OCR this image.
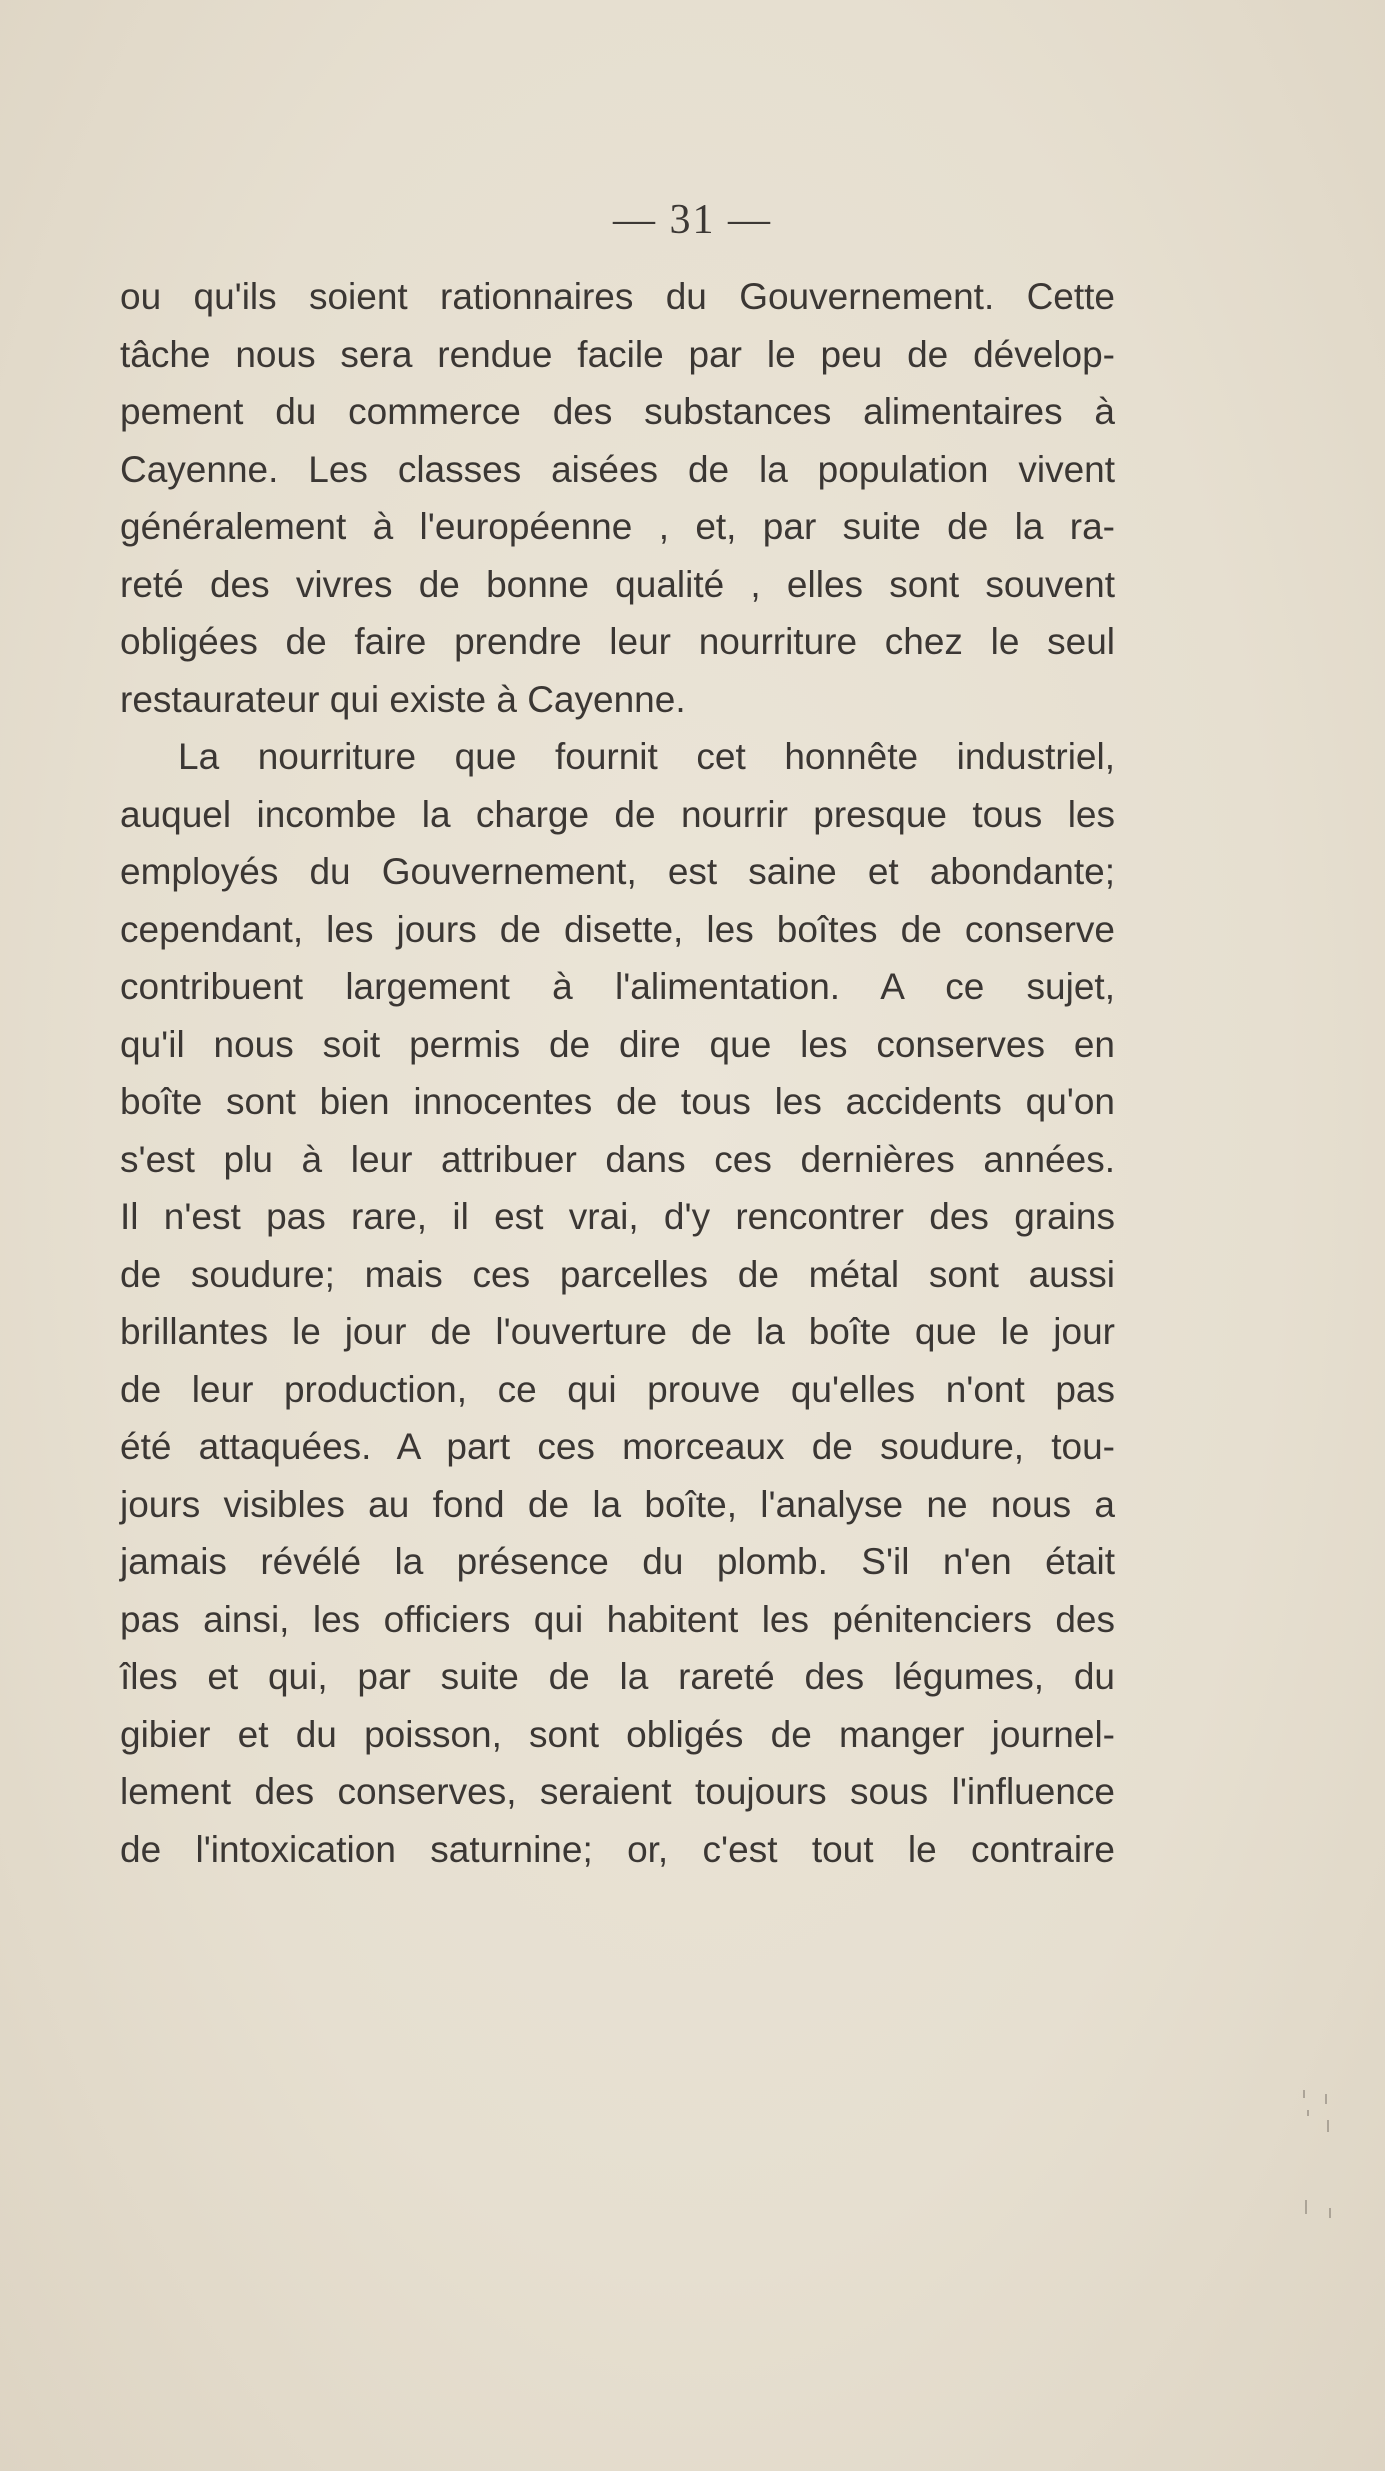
— 31 —
ou qu'ils soient rationnaires du Gouvernement. Cette
tâche nous sera rendue facile par le peu de dévelop-
pement du commerce des substances alimentaires à
Cayenne. Les classes aisées de la population vivent
généralement à l'européenne , et, par suite de la ra-
reté des vivres de bonne qualité , elles sont souvent
obligées de faire prendre leur nourriture chez le seul
restaurateur qui existe à Cayenne.
La nourriture que fournit cet honnête industriel,
auquel incombe la charge de nourrir presque tous les
employés du Gouvernement, est saine et abondante;
cependant, les jours de disette, les boîtes de conserve
contribuent largement à l'alimentation. A ce sujet,
qu'il nous soit permis de dire que les conserves en
boîte sont bien innocentes de tous les accidents qu'on
s'est plu à leur attribuer dans ces dernières années.
Il n'est pas rare, il est vrai, d'y rencontrer des grains
de soudure; mais ces parcelles de métal sont aussi
brillantes le jour de l'ouverture de la boîte que le jour
de leur production, ce qui prouve qu'elles n'ont pas
été attaquées. A part ces morceaux de soudure, tou-
jours visibles au fond de la boîte, l'analyse ne nous a
jamais révélé la présence du plomb. S'il n'en était
pas ainsi, les officiers qui habitent les pénitenciers des
îles et qui, par suite de la rareté des légumes, du
gibier et du poisson, sont obligés de manger journel-
lement des conserves, seraient toujours sous l'influence
de l'intoxication saturnine; or, c'est tout le contraire
